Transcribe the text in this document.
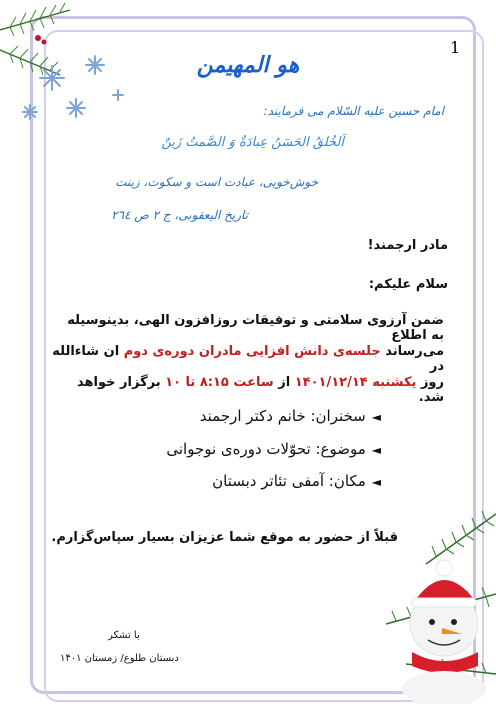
1
هو المهیمن
امام حسین علیه السّلام می فرمایند:
اَلخُلقُ الحَسَنُ عِبادَةٌ وَ الصَّمتُ زَینٌ
خوش‌خویی، عبادت است و سکوت، زینت
تاریخ الیعقوبی، ج ۲ ص ۲٦٤
مادر ارجمند!
سلام علیکم:
ضمن آرزوی سلامتی و توفیقات روزافزون الهی، بدینوسیله به اطلاع
می‌رساند جلسه‌ی دانش افزایی مادران دوره‌ی دوم ان شاءالله در
روز یکشنبه ۱۴۰۱/۱۲/۱۴ از ساعت ۸:۱۵ تا ۱۰ برگزار خواهد شد.
◄سخنران: خانم دکتر ارجمند
◄موضوع: تحوّلات دوره‌ی نوجوانی
◄مکان: آمفی تئاتر دبستان
قبلاً از حضور به موقع شما عزیزان بسیار سپاس‌گزارم.
با تشکر
دبستان طلوع/ زمستان ۱۴۰۱
